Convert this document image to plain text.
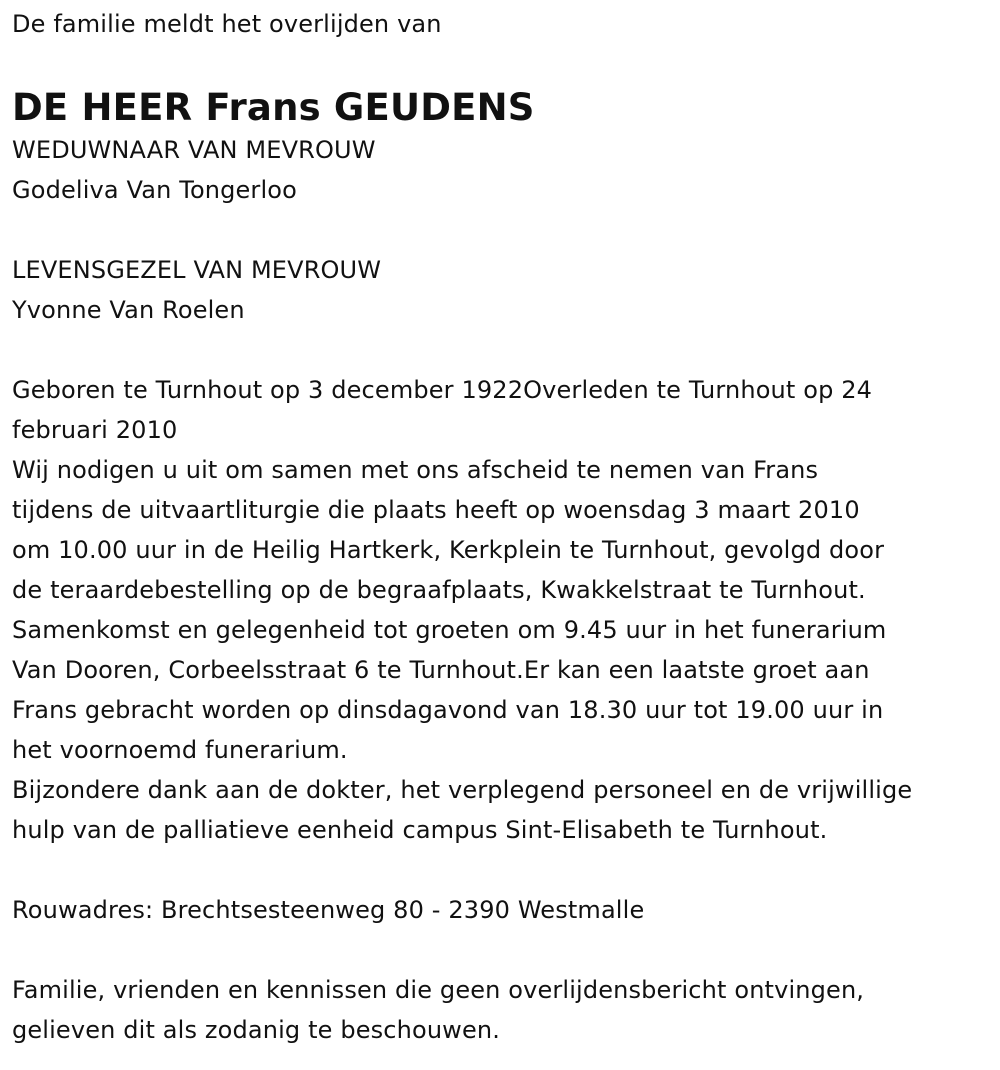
De familie meldt het overlijden van

DE HEER Frans GEUDENS

WEDUWNAAR VAN MEVROUW

Godeliva Van Tongerloo

LEVENSGEZEL VAN MEVROUW

Yvonne Van Roelen

Geboren te Turnhout op 3 december 1922Overleden te Turnhout op 24
februari 2010
Wij nodigen u uit om samen met ons afscheid te nemen van Frans
tijdens de uitvaartliturgie die plaats heeft op woensdag 3 maart 2010
om 10.00 uur in de Heilig Hartkerk, Kerkplein te Turnhout, gevolgd door
de teraardebestelling op de begraafplaats, Kwakkelstraat te Turnhout.
Samenkomst en gelegenheid tot groeten om 9.45 uur in het funerarium
Van Dooren, Corbeelsstraat 6 te Turnhout.Er kan een laatste groet aan
Frans gebracht worden op dinsdagavond van 18.30 uur tot 19.00 uur in
het voornoemd funerarium.
Bijzondere dank aan de dokter, het verplegend personeel en de vrijwillige
hulp van de palliatieve eenheid campus Sint-Elisabeth te Turnhout.

Rouwadres: Brechtsesteenweg 80 - 2390 Westmalle

Familie, vrienden en kennissen die geen overlijdensbericht ontvingen,
gelieven dit als zodanig te beschouwen.
